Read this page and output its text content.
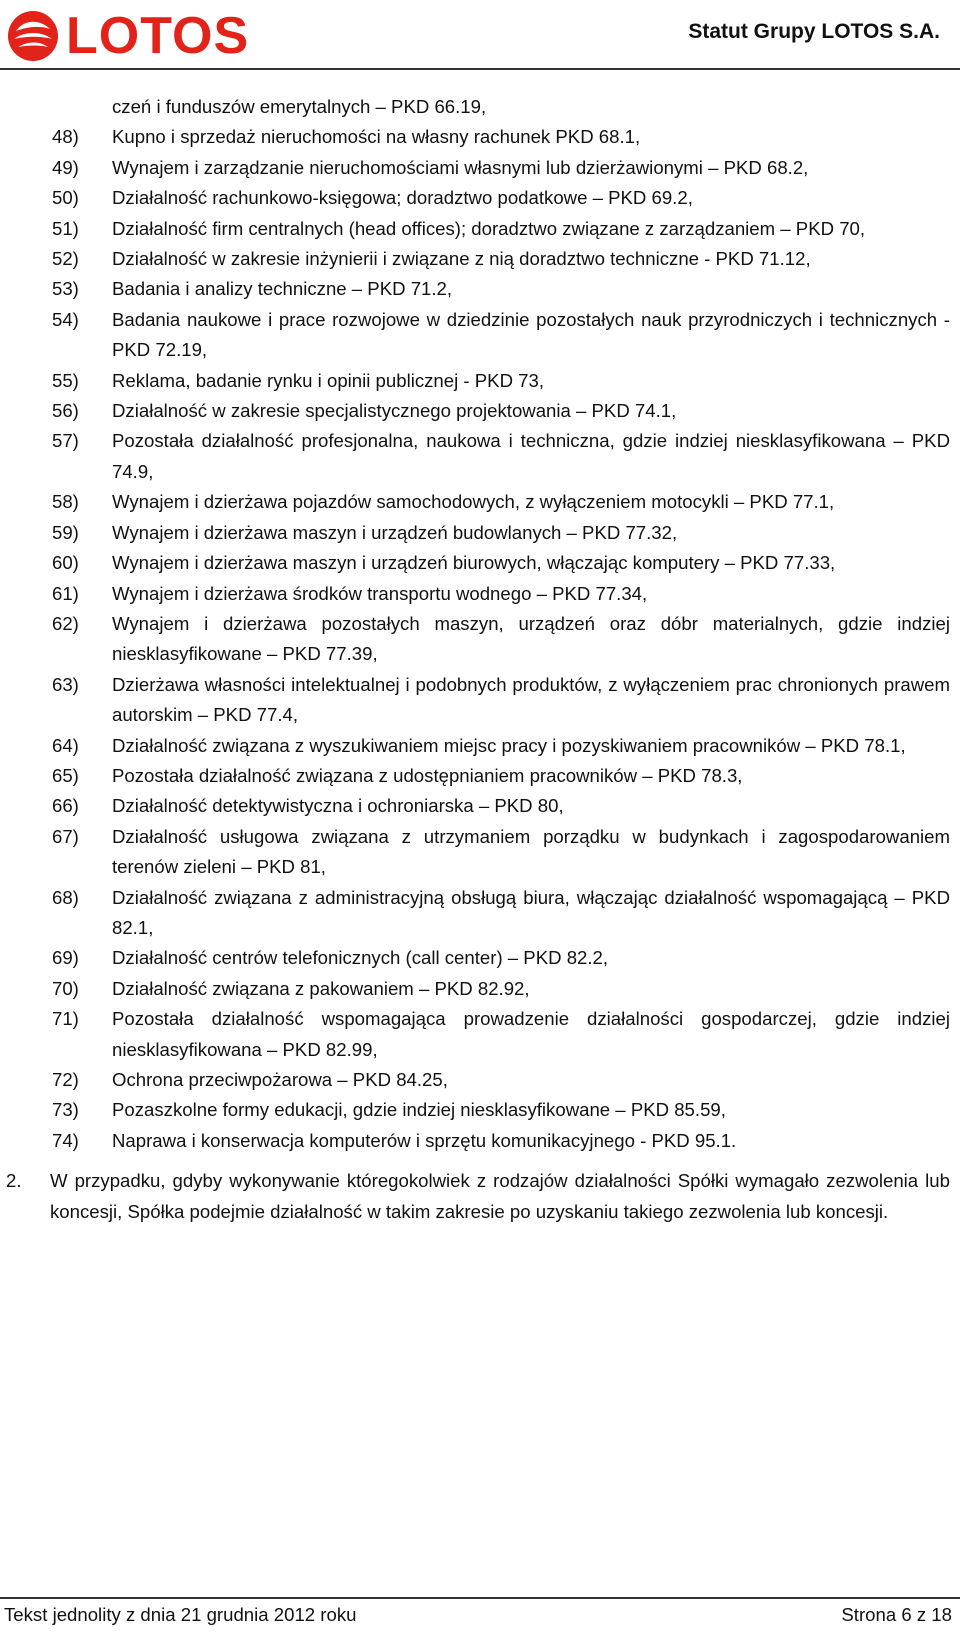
LOTOS	Statut Grupy LOTOS S.A.
czeń i funduszów emerytalnych – PKD 66.19,
48)	Kupno i sprzedaż nieruchomości na własny rachunek PKD 68.1,
49)	Wynajem i zarządzanie nieruchomościami własnymi lub dzierżawionymi – PKD 68.2,
50)	Działalność rachunkowo-księgowa; doradztwo podatkowe – PKD 69.2,
51)	Działalność firm centralnych (head offices); doradztwo związane z zarządzaniem – PKD 70,
52)	Działalność w zakresie inżynierii i związane z nią doradztwo techniczne - PKD 71.12,
53)	Badania i analizy techniczne – PKD 71.2,
54)	Badania naukowe i prace rozwojowe w dziedzinie pozostałych nauk przyrodniczych i technicznych - PKD 72.19,
55)	Reklama, badanie rynku i opinii publicznej - PKD 73,
56)	Działalność w zakresie specjalistycznego projektowania – PKD 74.1,
57)	Pozostała działalność profesjonalna, naukowa i techniczna, gdzie indziej niesklasyfikowana – PKD 74.9,
58)	Wynajem i dzierżawa pojazdów samochodowych, z wyłączeniem motocykli – PKD 77.1,
59)	Wynajem i dzierżawa maszyn i urządzeń budowlanych – PKD 77.32,
60)	Wynajem i dzierżawa maszyn i urządzeń biurowych, włączając komputery – PKD 77.33,
61)	Wynajem i dzierżawa środków transportu wodnego – PKD 77.34,
62)	Wynajem i dzierżawa pozostałych maszyn, urządzeń oraz dóbr materialnych, gdzie indziej niesklasyfikowane – PKD 77.39,
63)	Dzierżawa własności intelektualnej i podobnych produktów, z wyłączeniem prac chronionych prawem autorskim – PKD 77.4,
64)	Działalność związana z wyszukiwaniem miejsc pracy i pozyskiwaniem pracowników – PKD 78.1,
65)	Pozostała działalność związana z udostępnianiem pracowników – PKD 78.3,
66)	Działalność detektywistyczna i ochroniarska – PKD 80,
67)	Działalność usługowa związana z utrzymaniem porządku w budynkach i zagospodarowaniem terenów zieleni – PKD 81,
68)	Działalność związana z administracyjną obsługą biura, włączając działalność wspomagającą – PKD 82.1,
69)	Działalność centrów telefonicznych (call center) – PKD 82.2,
70)	Działalność związana z pakowaniem – PKD 82.92,
71)	Pozostała działalność wspomagająca prowadzenie działalności gospodarczej, gdzie indziej niesklasyfikowana – PKD 82.99,
72)	Ochrona przeciwpożarowa – PKD 84.25,
73)	Pozaszkolne formy edukacji, gdzie indziej niesklasyfikowane – PKD 85.59,
74)	Naprawa i konserwacja komputerów i sprzętu komunikacyjnego - PKD 95.1.
2.	W przypadku, gdyby wykonywanie któregokolwiek z rodzajów działalności Spółki wymagało zezwolenia lub koncesji, Spółka podejmie działalność w takim zakresie po uzyskaniu takiego zezwolenia lub koncesji.
Tekst jednolity z dnia 21 grudnia 2012 roku	Strona 6 z 18
